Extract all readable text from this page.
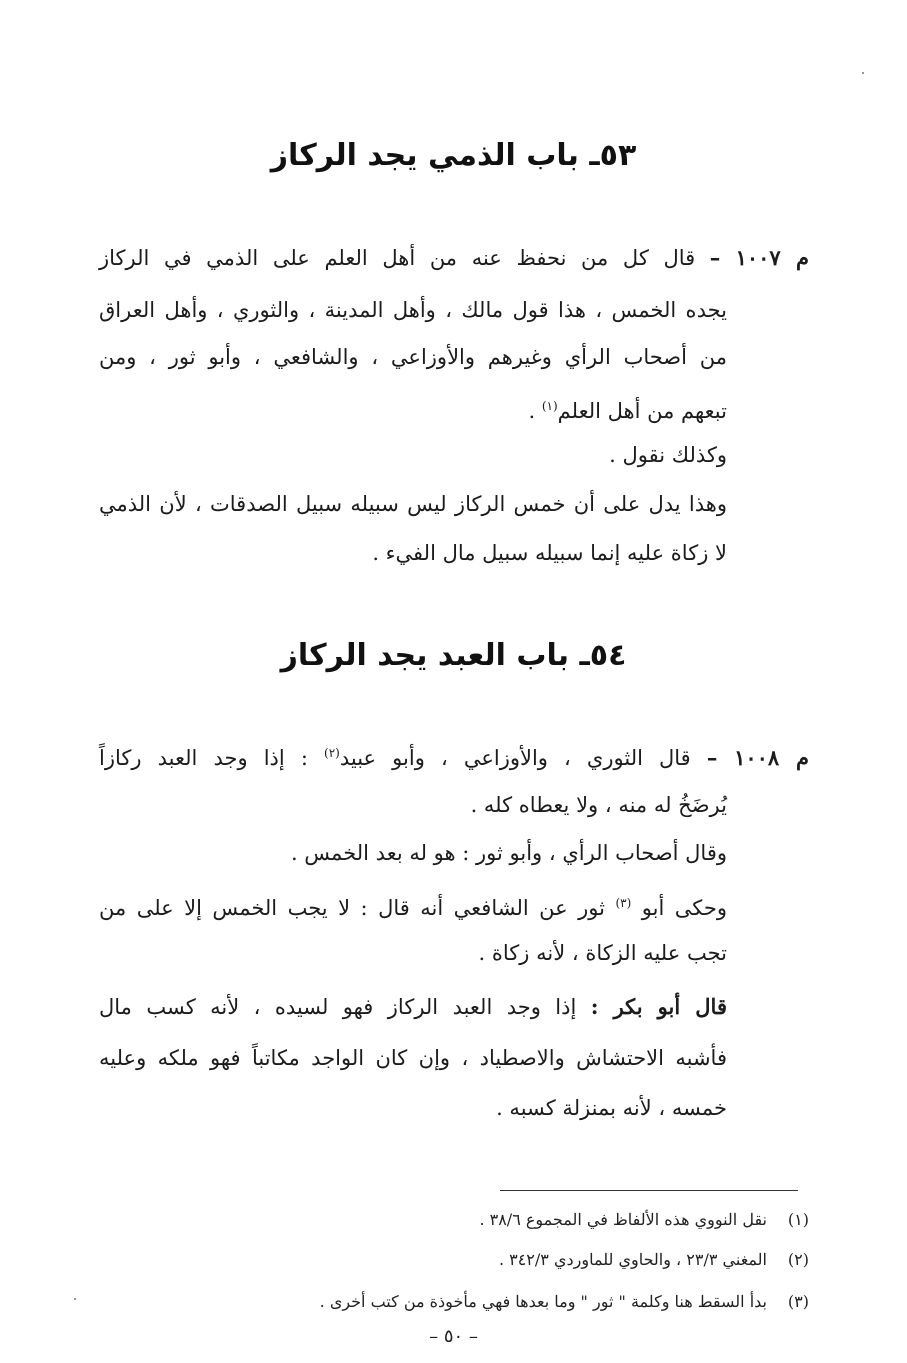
٥٣ـ باب الذمي يجد الركاز
م ١٠٠٧ – قال كل من نحفظ عنه من أهل العلم على الذمي في الركاز
يجده الخمس ، هذا قول مالك ، وأهل المدينة ، والثوري ، وأهل العراق
من أصحاب الرأي وغيرهم والأوزاعي ، والشافعي ، وأبو ثور ، ومن
تبعهم من أهل العلم$^{(١)}$ .
وكذلك نقول .
وهذا يدل على أن خمس الركاز ليس سبيله سبيل الصدقات ، لأن الذمي
لا زكاة عليه إنما سبيله سبيل مال الفيء .
٥٤ـ باب العبد يجد الركاز
م ١٠٠٨ – قال الثوري ، والأوزاعي ، وأبو عبيد$^{(٢)}$ : إذا وجد العبد ركازاً
يُرضَخُ له منه ، ولا يعطاه كله .
وقال أصحاب الرأي ، وأبو ثور : هو له بعد الخمس .
وحكى أبو $^{(٣)}$ ثور عن الشافعي أنه قال : لا يجب الخمس إلا على من
تجب عليه الزكاة ، لأنه زكاة .
قال أبو بكر : إذا وجد العبد الركاز فهو لسيده ، لأنه كسب مال
فأشبه الاحتشاش والاصطياد ، وإن كان الواجد مكاتباً فهو ملكه وعليه
خمسه ، لأنه بمنزلة كسبه .
(١)نقل النووي هذه الألفاظ في المجموع ٣٨/٦ .
(٢)المغني ٢٣/٣ ، والحاوي للماوردي ٣٤٢/٣ .
(٣)بدأ السقط هنا وكلمة " ثور " وما بعدها فهي مأخوذة من كتب أخرى .
– ٥٠ –
